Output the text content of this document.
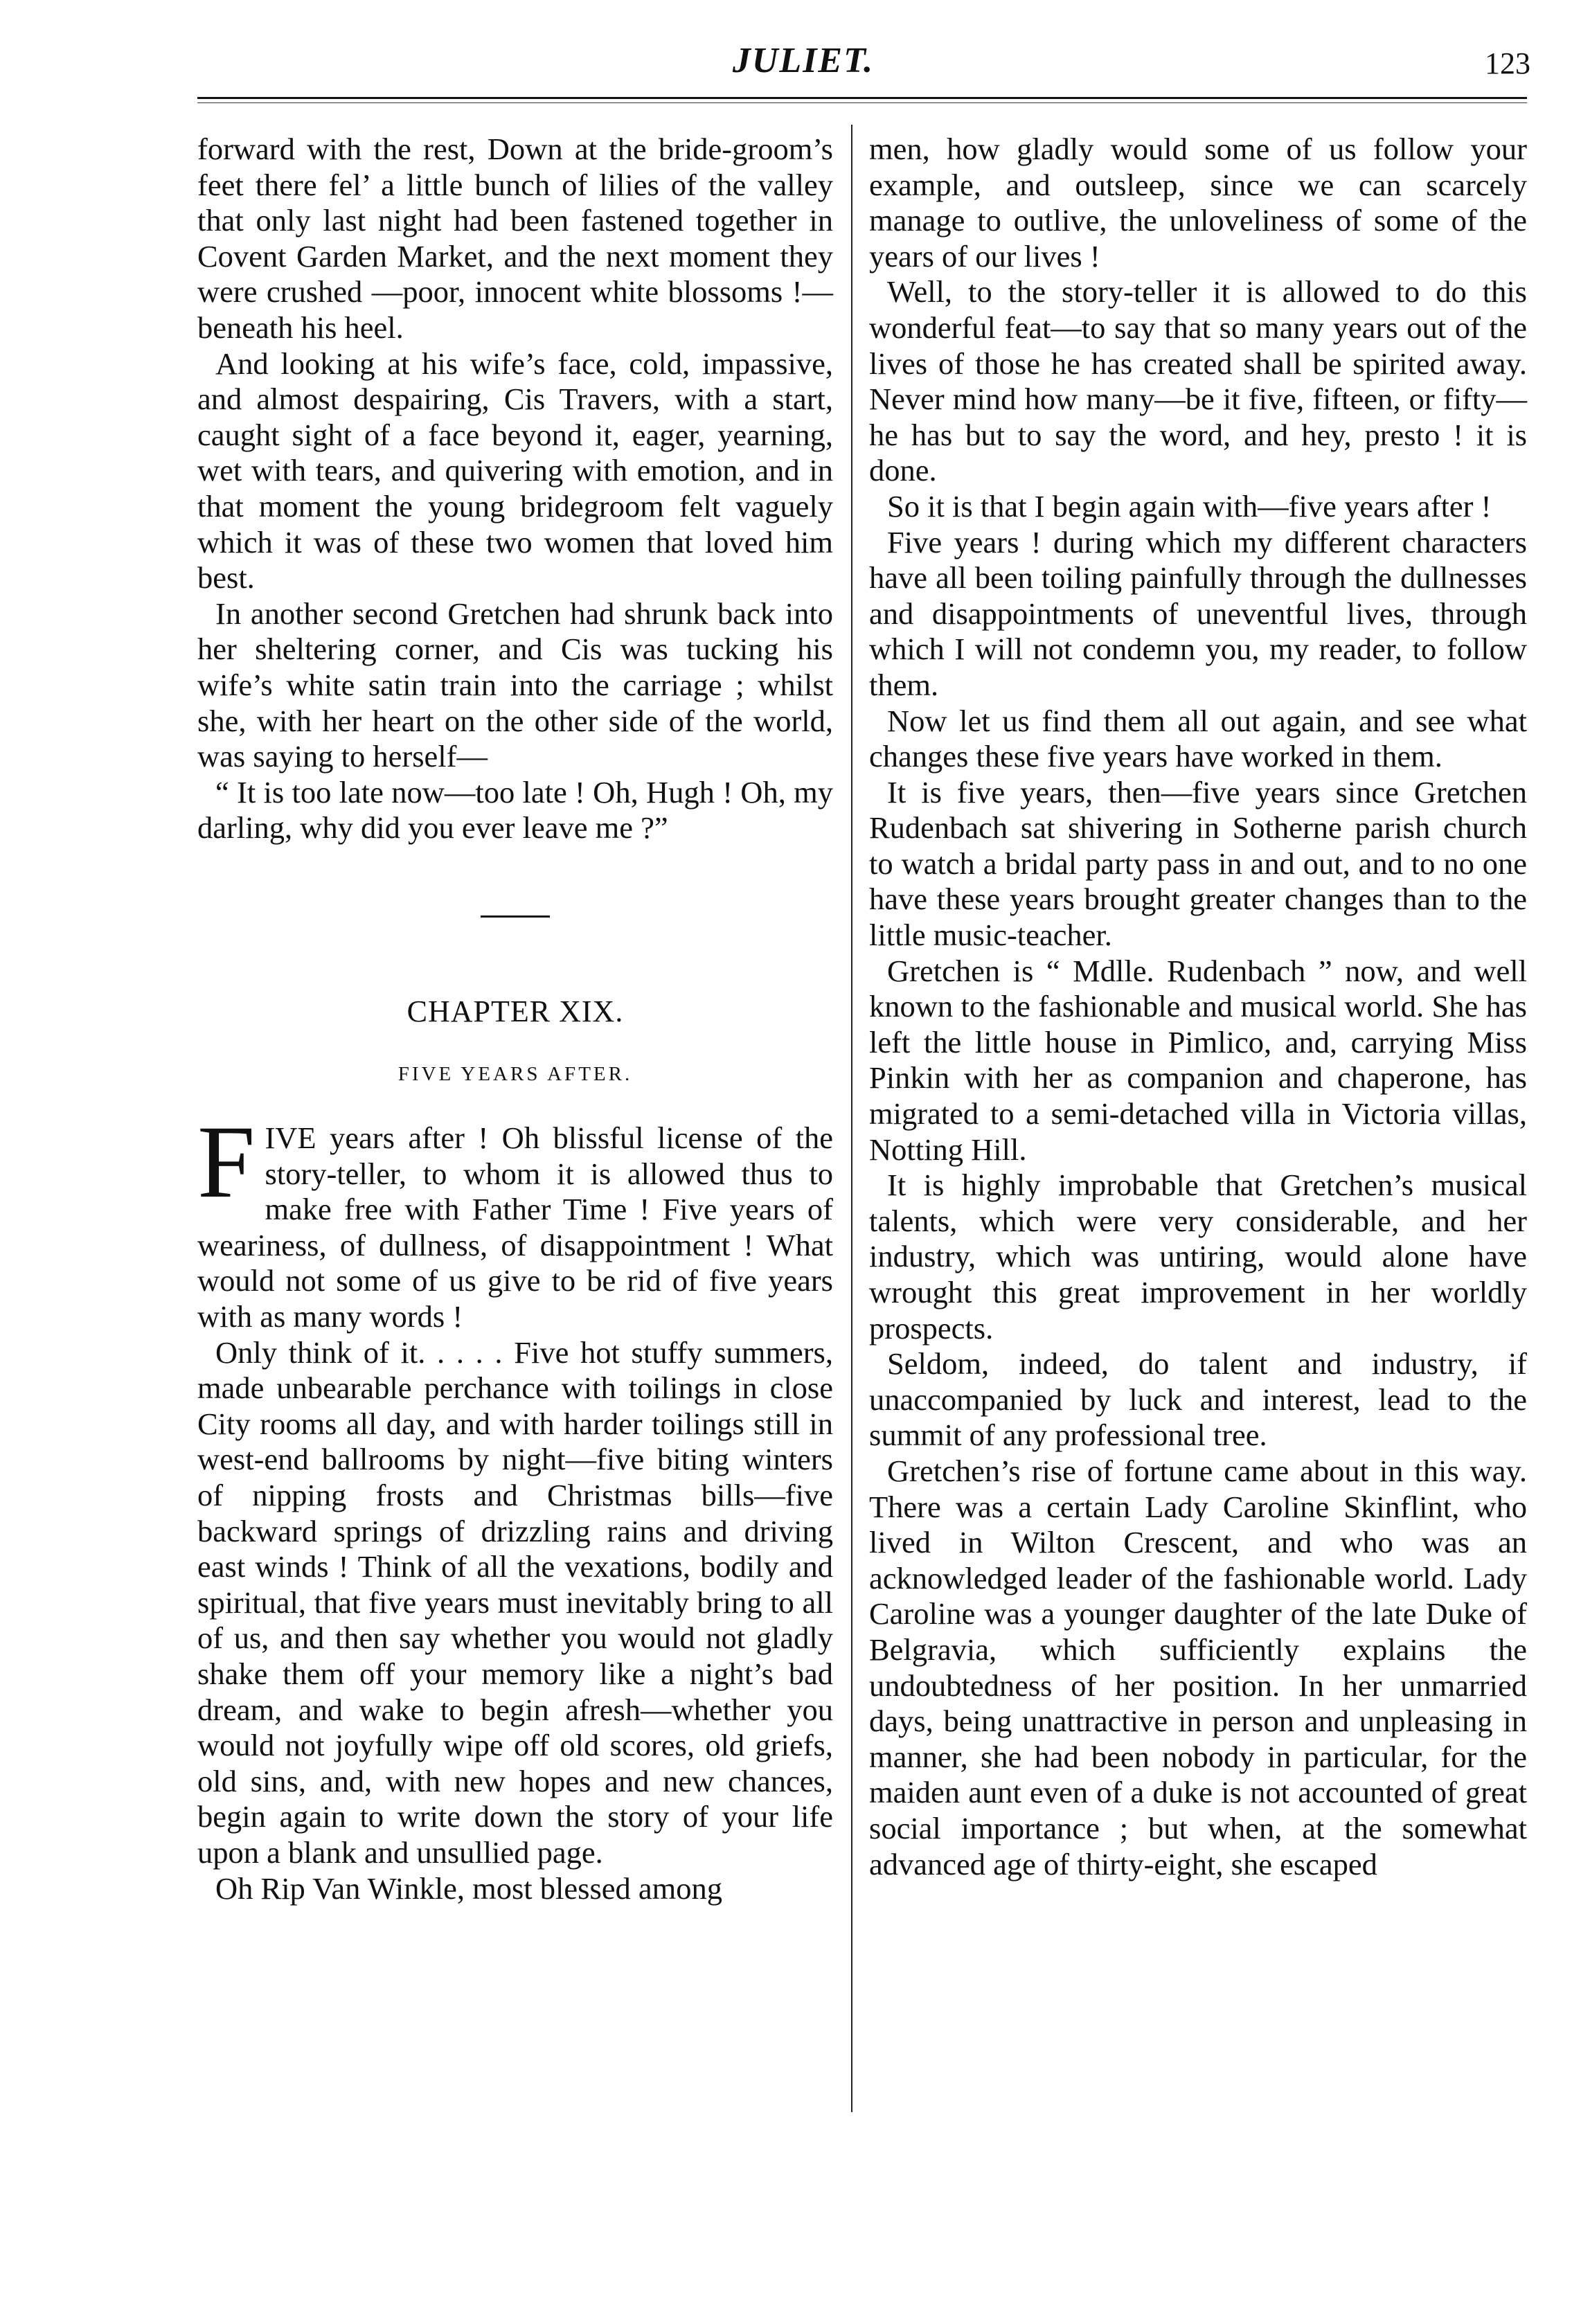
JULIET.	123

forward with the rest, Down at the bride-groom’s feet there fel’ a little bunch of lilies of the valley that only last night had been fastened together in Covent Garden Market, and the next moment they were crushed —poor, innocent white blossoms !—beneath his heel.

And looking at his wife’s face, cold, impassive, and almost despairing, Cis Travers, with a start, caught sight of a face beyond it, eager, yearning, wet with tears, and quivering with emotion, and in that moment the young bridegroom felt vaguely which it was of these two women that loved him best.

In another second Gretchen had shrunk back into her sheltering corner, and Cis was tucking his wife’s white satin train into the carriage ; whilst she, with her heart on the other side of the world, was saying to herself—

“ It is too late now—too late ! Oh, Hugh ! Oh, my darling, why did you ever leave me ?”

CHAPTER XIX.
FIVE YEARS AFTER.

FIVE years after ! Oh blissful license of the story-teller, to whom it is allowed thus to make free with Father Time ! Five years of weariness, of dullness, of disappointment ! What would not some of us give to be rid of five years with as many words !

Only think of it. . . . . Five hot stuffy summers, made unbearable perchance with toilings in close City rooms all day, and with harder toilings still in west-end ballrooms by night—five biting winters of nipping frosts and Christmas bills—five backward springs of drizzling rains and driving east winds ! Think of all the vexations, bodily and spiritual, that five years must inevitably bring to all of us, and then say whether you would not gladly shake them off your memory like a night’s bad dream, and wake to begin afresh—whether you would not joyfully wipe off old scores, old griefs, old sins, and, with new hopes and new chances, begin again to write down the story of your life upon a blank and unsullied page.

Oh Rip Van Winkle, most blessed among

men, how gladly would some of us follow your example, and outsleep, since we can scarcely manage to outlive, the unloveliness of some of the years of our lives !

Well, to the story-teller it is allowed to do this wonderful feat—to say that so many years out of the lives of those he has created shall be spirited away. Never mind how many—be it five, fifteen, or fifty—he has but to say the word, and hey, presto ! it is done.

So it is that I begin again with—five years after !

Five years ! during which my different characters have all been toiling painfully through the dullnesses and disappointments of uneventful lives, through which I will not condemn you, my reader, to follow them.

Now let us find them all out again, and see what changes these five years have worked in them.

It is five years, then—five years since Gretchen Rudenbach sat shivering in Sotherne parish church to watch a bridal party pass in and out, and to no one have these years brought greater changes than to the little music-teacher.

Gretchen is “ Mdlle. Rudenbach ” now, and well known to the fashionable and musical world. She has left the little house in Pimlico, and, carrying Miss Pinkin with her as companion and chaperone, has migrated to a semi-detached villa in Victoria villas, Notting Hill.

It is highly improbable that Gretchen’s musical talents, which were very considerable, and her industry, which was untiring, would alone have wrought this great improvement in her worldly prospects.

Seldom, indeed, do talent and industry, if unaccompanied by luck and interest, lead to the summit of any professional tree.

Gretchen’s rise of fortune came about in this way. There was a certain Lady Caroline Skinflint, who lived in Wilton Crescent, and who was an acknowledged leader of the fashionable world. Lady Caroline was a younger daughter of the late Duke of Belgravia, which sufficiently explains the undoubtedness of her position. In her unmarried days, being unattractive in person and unpleasing in manner, she had been nobody in particular, for the maiden aunt even of a duke is not accounted of great social importance ; but when, at the somewhat advanced age of thirty-eight, she escaped
